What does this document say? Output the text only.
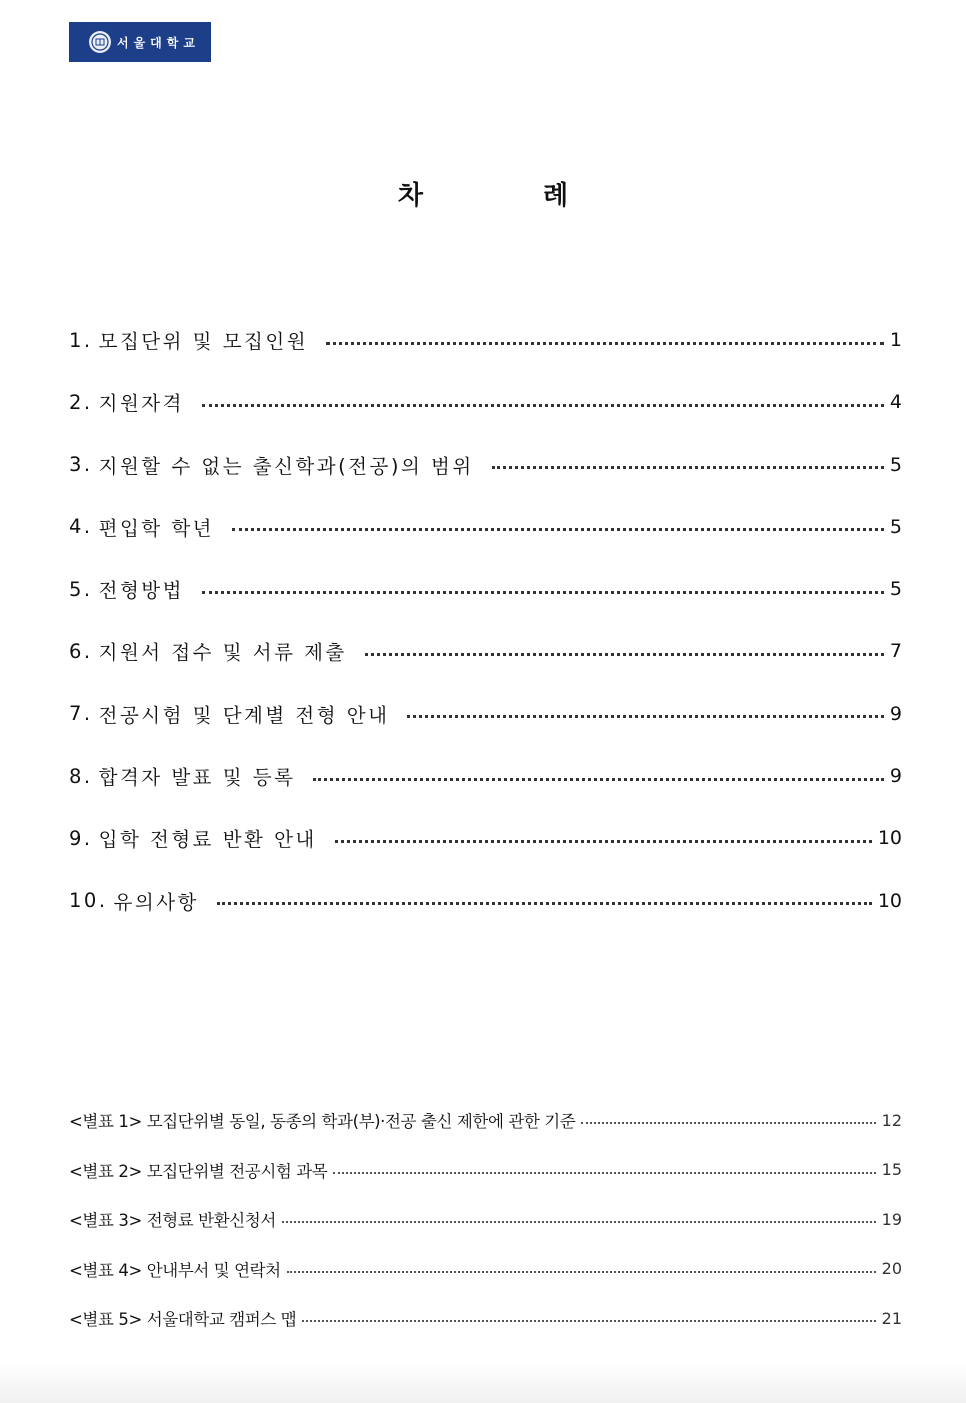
서울대학교
차	례
1. 모집단위 및 모집인원	1
2. 지원자격	4
3. 지원할 수 없는 출신학과(전공)의 범위	5
4. 편입학 학년	5
5. 전형방법	5
6. 지원서 접수 및 서류 제출	7
7. 전공시험 및 단계별 전형 안내	9
8. 합격자 발표 및 등록	9
9. 입학 전형료 반환 안내	10
10. 유의사항	10
<별표 1> 모집단위별 동일, 동종의 학과(부)·전공 출신 제한에 관한 기준	12
<별표 2> 모집단위별 전공시험 과목	15
<별표 3> 전형료 반환신청서	19
<별표 4> 안내부서 및 연락처	20
<별표 5> 서울대학교 캠퍼스 맵	21
